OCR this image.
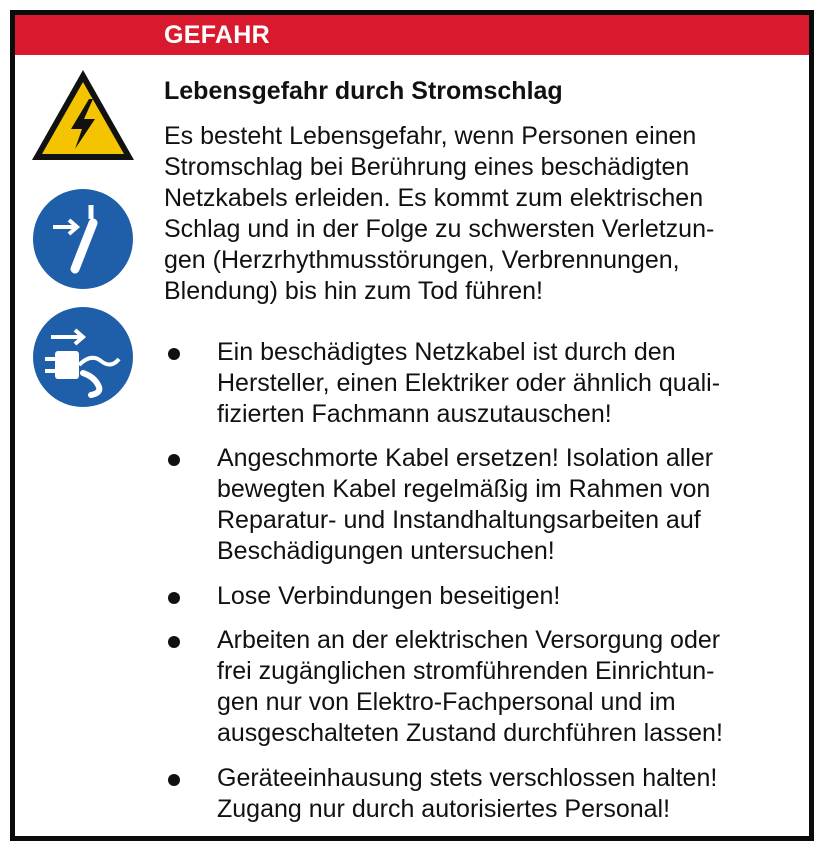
GEFAHR
Lebensgefahr durch Stromschlag
Es besteht Lebensgefahr, wenn Personen einen
Stromschlag bei Berührung eines beschädigten
Netzkabels erleiden. Es kommt zum elektrischen
Schlag und in der Folge zu schwersten Verletzun-
gen (Herzrhythmusstörungen, Verbrennungen,
Blendung) bis hin zum Tod führen!
Ein beschädigtes Netzkabel ist durch den
Hersteller, einen Elektriker oder ähnlich quali-
fizierten Fachmann auszutauschen!
Angeschmorte Kabel ersetzen! Isolation aller
bewegten Kabel regelmäßig im Rahmen von
Reparatur- und Instandhaltungsarbeiten auf
Beschädigungen untersuchen!
Lose Verbindungen beseitigen!
Arbeiten an der elektrischen Versorgung oder
frei zugänglichen stromführenden Einrichtun-
gen nur von Elektro-Fachpersonal und im
ausgeschalteten Zustand durchführen lassen!
Geräteeinhausung stets verschlossen halten!
Zugang nur durch autorisiertes Personal!
